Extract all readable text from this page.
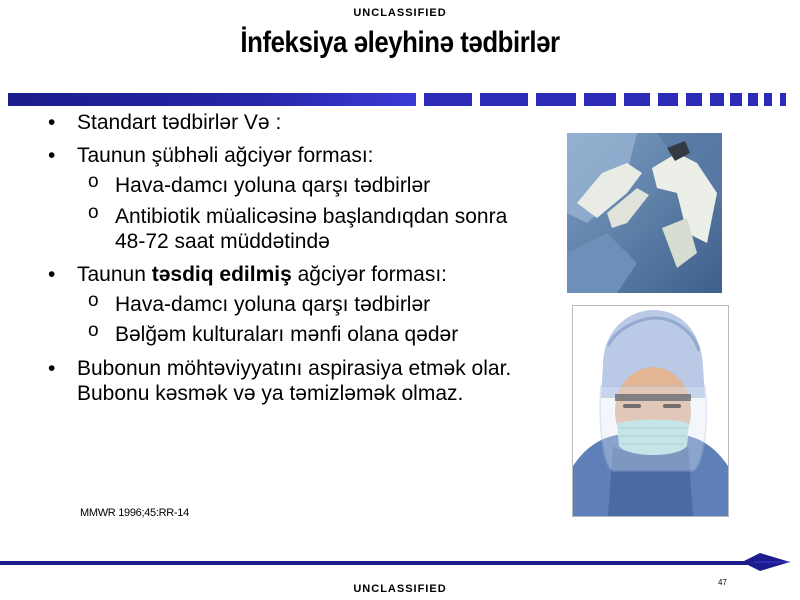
UNCLASSIFIED
İnfeksiya əleyhinə tədbirlər
• Standart tədbirlər Və :
• Taunun şübhəli ağciyər forması:
o Hava-damcı yoluna qarşı tədbirlər
o Antibiotik müalicəsinə başlandıqdan sonra 48-72 saat müddətində
• Taunun təsdiq edilmiş ağciyər forması:
o Hava-damcı yoluna qarşı tədbirlər
o Bəlğəm kulturaları mənfi olana qədər
• Bubonun möhtəviyyatını aspirasiya etmək olar. Bubonu kəsmək və ya təmizləmək olmaz.
MMWR 1996;45:RR-14
47
UNCLASSIFIED
